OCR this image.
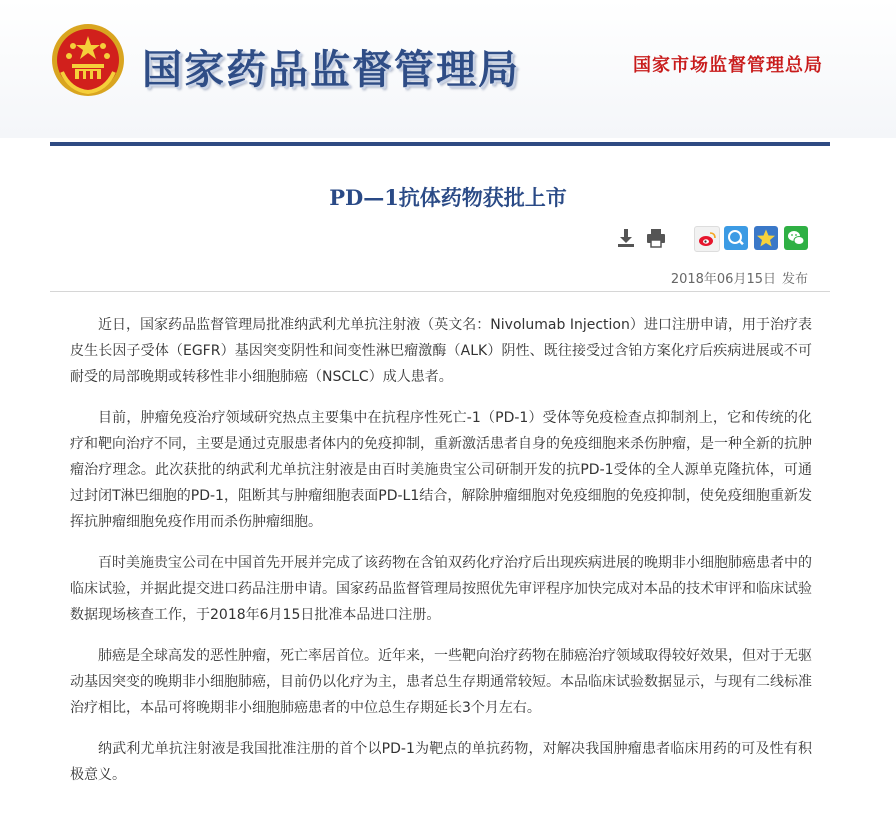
国家药品监督管理局	国家市场监督管理总局
PD—1抗体药物获批上市
2018年06月15日 发布

近日，国家药品监督管理局批准纳武利尤单抗注射液（英文名：Nivolumab Injection）进口注册申请，用于治疗表皮生长因子受体（EGFR）基因突变阴性和间变性淋巴瘤激酶（ALK）阴性、既往接受过含铂方案化疗后疾病进展或不可耐受的局部晚期或转移性非小细胞肺癌（NSCLC）成人患者。

目前，肿瘤免疫治疗领域研究热点主要集中在抗程序性死亡-1（PD-1）受体等免疫检查点抑制剂上，它和传统的化疗和靶向治疗不同，主要是通过克服患者体内的免疫抑制，重新激活患者自身的免疫细胞来杀伤肿瘤，是一种全新的抗肿瘤治疗理念。此次获批的纳武利尤单抗注射液是由百时美施贵宝公司研制开发的抗PD-1受体的全人源单克隆抗体，可通过封闭T淋巴细胞的PD-1，阻断其与肿瘤细胞表面PD-L1结合，解除肿瘤细胞对免疫细胞的免疫抑制，使免疫细胞重新发挥抗肿瘤细胞免疫作用而杀伤肿瘤细胞。

百时美施贵宝公司在中国首先开展并完成了该药物在含铂双药化疗治疗后出现疾病进展的晚期非小细胞肺癌患者中的临床试验，并据此提交进口药品注册申请。国家药品监督管理局按照优先审评程序加快完成对本品的技术审评和临床试验数据现场核查工作，于2018年6月15日批准本品进口注册。

肺癌是全球高发的恶性肿瘤，死亡率居首位。近年来，一些靶向治疗药物在肺癌治疗领域取得较好效果，但对于无驱动基因突变的晚期非小细胞肺癌，目前仍以化疗为主，患者总生存期通常较短。本品临床试验数据显示，与现有二线标准治疗相比，本品可将晚期非小细胞肺癌患者的中位总生存期延长3个月左右。

纳武利尤单抗注射液是我国批准注册的首个以PD-1为靶点的单抗药物，对解决我国肿瘤患者临床用药的可及性有积极意义。
